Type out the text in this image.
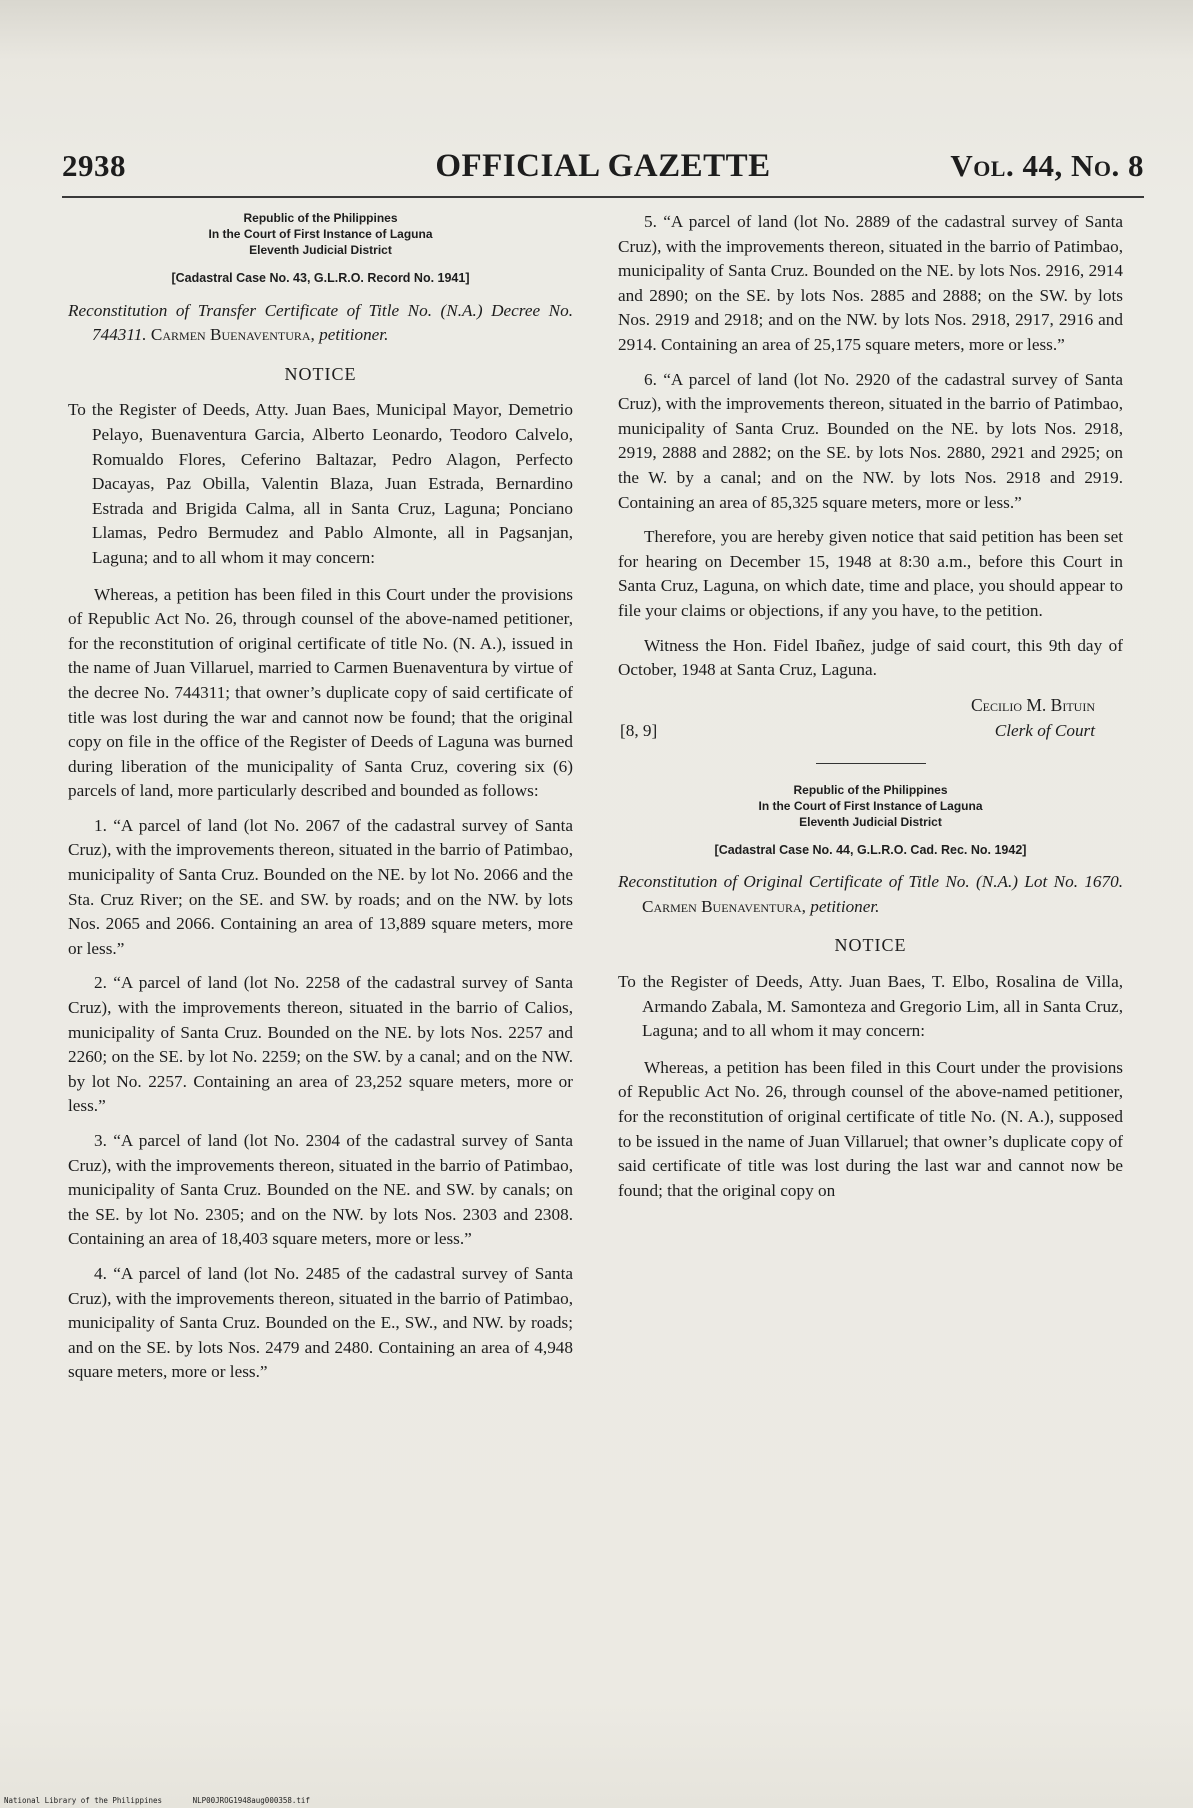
OFFICIAL GAZETTE
2938	Vol. 44, No. 8
Republic of the Philippines
In the Court of First Instance of Laguna
Eleventh Judicial District
[Cadastral Case No. 43, G.L.R.O. Record No. 1941]

Reconstitution of Transfer Certificate of Title No. (N.A.) Decree No. 744311. Carmen Buenaventura, petitioner.

NOTICE

To the Register of Deeds, Atty. Juan Baes, Municipal Mayor, Demetrio Pelayo, Buenaventura Garcia, Alberto Leonardo, Teodoro Calvelo, Romualdo Flores, Ceferino Baltazar, Pedro Alagon, Perfecto Dacayas, Paz Obilla, Valentin Blaza, Juan Estrada, Bernardino Estrada and Brigida Calma, all in Santa Cruz, Laguna; Ponciano Llamas, Pedro Bermudez and Pablo Almonte, all in Pagsanjan, Laguna; and to all whom it may concern:

Whereas, a petition has been filed in this Court under the provisions of Republic Act No. 26, through counsel of the above-named petitioner, for the reconstitution of original certificate of title No. (N. A.), issued in the name of Juan Villaruel, married to Carmen Buenaventura by virtue of the decree No. 744311; that owner’s duplicate copy of said certificate of title was lost during the war and cannot now be found; that the original copy on file in the office of the Register of Deeds of Laguna was burned during liberation of the municipality of Santa Cruz, covering six (6) parcels of land, more particularly described and bounded as follows:

1. “A parcel of land (lot No. 2067 of the cadastral survey of Santa Cruz), with the improvements thereon, situated in the barrio of Patimbao, municipality of Santa Cruz. Bounded on the NE. by lot No. 2066 and the Sta. Cruz River; on the SE. and SW. by roads; and on the NW. by lots Nos. 2065 and 2066. Containing an area of 13,889 square meters, more or less.”

2. “A parcel of land (lot No. 2258 of the cadastral survey of Santa Cruz), with the improvements thereon, situated in the barrio of Calios, municipality of Santa Cruz. Bounded on the NE. by lots Nos. 2257 and 2260; on the SE. by lot No. 2259; on the SW. by a canal; and on the NW. by lot No. 2257. Containing an area of 23,252 square meters, more or less.”

3. “A parcel of land (lot No. 2304 of the cadastral survey of Santa Cruz), with the improvements thereon, situated in the barrio of Patimbao, municipality of Santa Cruz. Bounded on the NE. and SW. by canals; on the SE. by lot No. 2305; and on the NW. by lots Nos. 2303 and 2308. Containing an area of 18,403 square meters, more or less.”

4. “A parcel of land (lot No. 2485 of the cadastral survey of Santa Cruz), with the improvements thereon, situated in the barrio of Patimbao, municipality of Santa Cruz. Bounded on the E., SW., and NW. by roads; and on the SE. by lots Nos. 2479 and 2480. Containing an area of 4,948 square meters, more or less.”

5. “A parcel of land (lot No. 2889 of the cadastral survey of Santa Cruz), with the improvements thereon, situated in the barrio of Patimbao, municipality of Santa Cruz. Bounded on the NE. by lots Nos. 2916, 2914 and 2890; on the SE. by lots Nos. 2885 and 2888; on the SW. by lots Nos. 2919 and 2918; and on the NW. by lots Nos. 2918, 2917, 2916 and 2914. Containing an area of 25,175 square meters, more or less.”

6. “A parcel of land (lot No. 2920 of the cadastral survey of Santa Cruz), with the improvements thereon, situated in the barrio of Patimbao, municipality of Santa Cruz. Bounded on the NE. by lots Nos. 2918, 2919, 2888 and 2882; on the SE. by lots Nos. 2880, 2921 and 2925; on the W. by a canal; and on the NW. by lots Nos. 2918 and 2919. Containing an area of 85,325 square meters, more or less.”

Therefore, you are hereby given notice that said petition has been set for hearing on December 15, 1948 at 8:30 a.m., before this Court in Santa Cruz, Laguna, on which date, time and place, you should appear to file your claims or objections, if any you have, to the petition.

Witness the Hon. Fidel Ibañez, judge of said court, this 9th day of October, 1948 at Santa Cruz, Laguna.

Cecilio M. Bituin
[8, 9]	Clerk of Court
Republic of the Philippines
In the Court of First Instance of Laguna
Eleventh Judicial District
[Cadastral Case No. 44, G.L.R.O. Cad. Rec. No. 1942]

Reconstitution of Original Certificate of Title No. (N.A.) Lot No. 1670. Carmen Buenaventura, petitioner.

NOTICE

To the Register of Deeds, Atty. Juan Baes, T. Elbo, Rosalina de Villa, Armando Zabala, M. Samonteza and Gregorio Lim, all in Santa Cruz, Laguna; and to all whom it may concern:

Whereas, a petition has been filed in this Court under the provisions of Republic Act No. 26, through counsel of the above-named petitioner, for the reconstitution of original certificate of title No. (N. A.), supposed to be issued in the name of Juan Villaruel; that owner’s duplicate copy of said certificate of title was lost during the last war and cannot now be found; that the original copy on

National Library of the Philippines	NLP00JROG1948aug000358.tif
